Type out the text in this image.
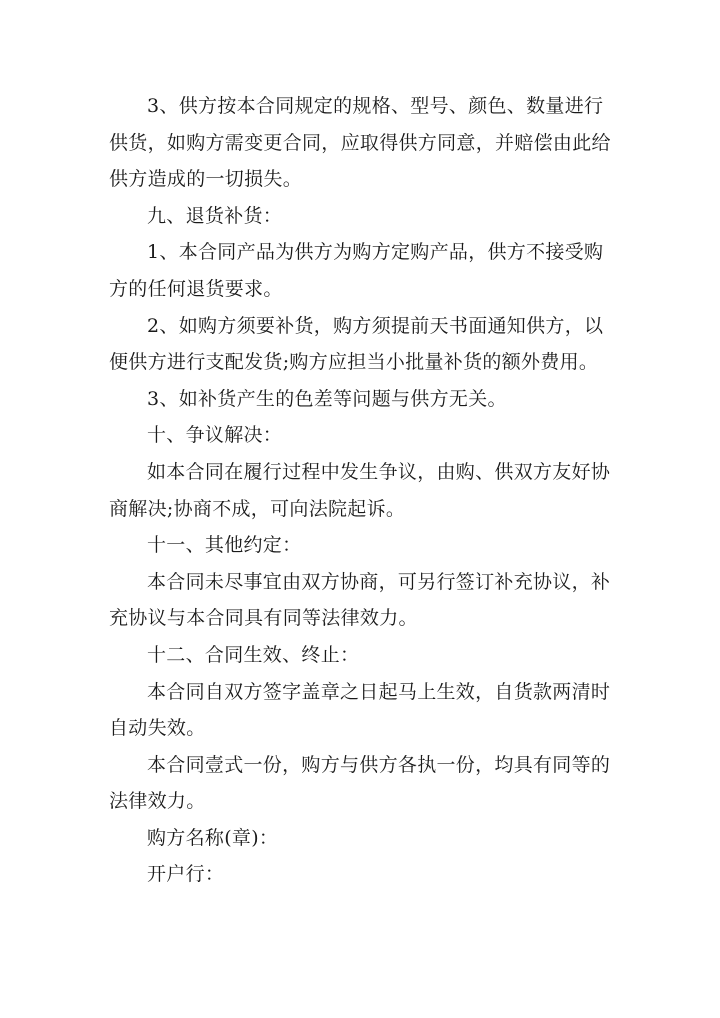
3、供方按本合同规定的规格、型号、颜色、数量进行
供货，如购方需变更合同，应取得供方同意，并赔偿由此给
供方造成的一切损失。
九、退货补货：
1、本合同产品为供方为购方定购产品，供方不接受购
方的任何退货要求。
2、如购方须要补货，购方须提前天书面通知供方，以
便供方进行支配发货;购方应担当小批量补货的额外费用。
3、如补货产生的色差等问题与供方无关。
十、争议解决：
如本合同在履行过程中发生争议，由购、供双方友好协
商解决;协商不成，可向法院起诉。
十一、其他约定：
本合同未尽事宜由双方协商，可另行签订补充协议，补
充协议与本合同具有同等法律效力。
十二、合同生效、终止：
本合同自双方签字盖章之日起马上生效，自货款两清时
自动失效。
本合同壹式一份，购方与供方各执一份，均具有同等的
法律效力。
购方名称(章)：
开户行：
